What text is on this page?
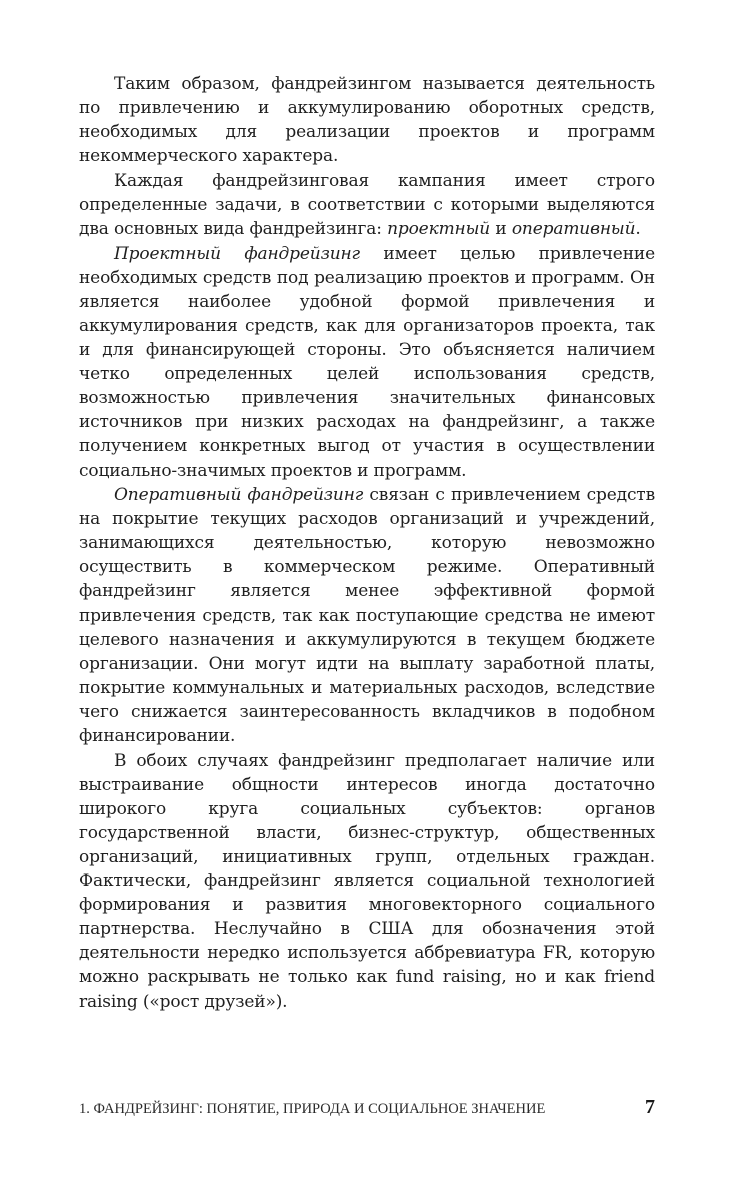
Таким образом, фандрейзингом называется деятельность по привлечению и аккумулированию оборотных средств, необходимых для реализации проектов и программ некоммерческого характера.

Каждая фандрейзинговая кампания имеет строго определенные задачи, в соответствии с которыми выделяются два основных вида фандрейзинга: проектный и оперативный.

Проектный фандрейзинг имеет целью привлечение необходимых средств под реализацию проектов и программ. Он является наиболее удобной формой привлечения и аккумулирования средств, как для организаторов проекта, так и для финансирующей стороны. Это объясняется наличием четко определенных целей использования средств, возможностью привлечения значительных финансовых источников при низких расходах на фандрейзинг, а также получением конкретных выгод от участия в осуществлении социально-значимых проектов и программ.

Оперативный фандрейзинг связан с привлечением средств на покрытие текущих расходов организаций и учреждений, занимающихся деятельностью, которую невозможно осуществить в коммерческом режиме. Оперативный фандрейзинг является менее эффективной формой привлечения средств, так как поступающие средства не имеют целевого назначения и аккумулируются в текущем бюджете организации. Они могут идти на выплату заработной платы, покрытие коммунальных и материальных расходов, вследствие чего снижается заинтересованность вкладчиков в подобном финансировании.

В обоих случаях фандрейзинг предполагает наличие или выстраивание общности интересов иногда достаточно широкого круга социальных субъектов: органов государственной власти, бизнес-структур, общественных организаций, инициативных групп, отдельных граждан. Фактически, фандрейзинг является социальной технологией формирования и развития многовекторного социального партнерства. Неслучайно в США для обозначения этой деятельности нередко используется аббревиатура FR, которую можно раскрывать не только как fund raising, но и как friend raising («рост друзей»).

1. ФАНДРЕЙЗИНГ: ПОНЯТИЕ, ПРИРОДА И СОЦИАЛЬНОЕ ЗНАЧЕНИЕ	7
